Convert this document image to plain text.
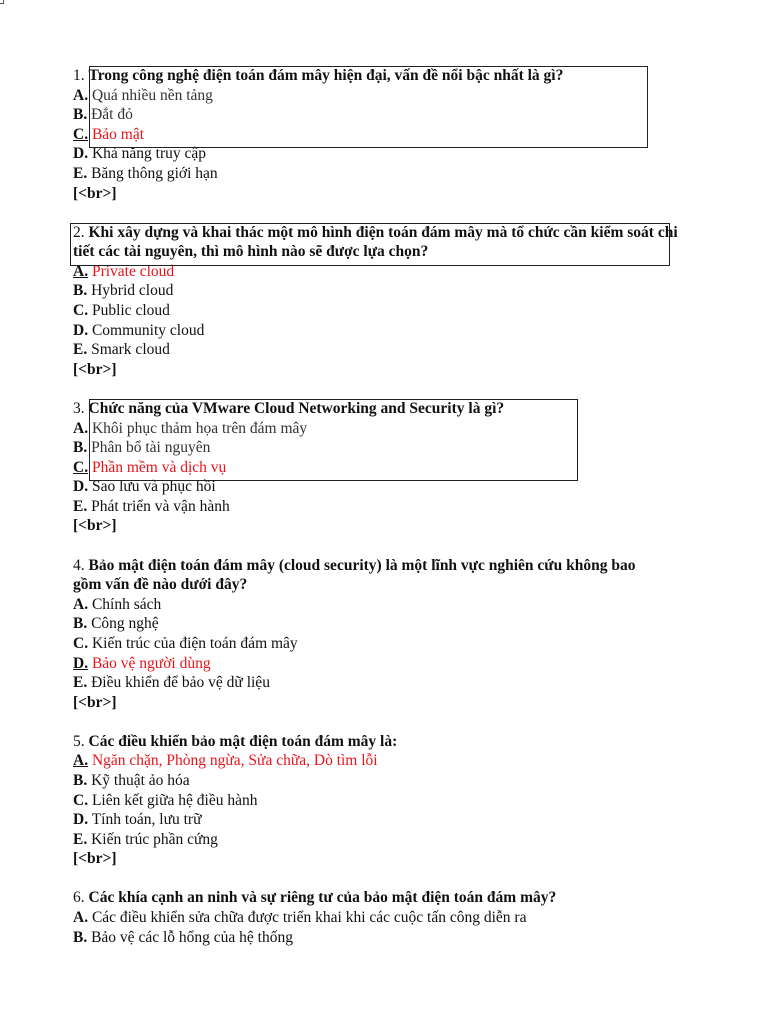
1. Trong công nghệ điện toán đám mây hiện đại, vấn đề nổi bậc nhất là gì?
A. Quá nhiều nền tảng
B. Đắt đỏ
C. Bảo mật
D. Khả năng truy cập
E. Băng thông giới hạn
[<br>]
2. Khi xây dựng và khai thác một mô hình điện toán đám mây mà tổ chức cần kiểm soát chi tiết các tài nguyên, thì mô hình nào sẽ được lựa chọn?
A. Private cloud
B. Hybrid cloud
C. Public cloud
D. Community cloud
E. Smark cloud
[<br>]
3. Chức năng của VMware Cloud Networking and Security là gì?
A. Khôi phục thảm họa trên đám mây
B. Phân bổ tài nguyên
C. Phần mềm và dịch vụ
D. Sao lưu và phục hồi
E. Phát triển và vận hành
[<br>]
4. Bảo mật điện toán đám mây (cloud security) là một lĩnh vực nghiên cứu không bao gồm vấn đề nào dưới đây?
A. Chính sách
B. Công nghệ
C. Kiến trúc của điện toán đám mây
D. Bảo vệ người dùng
E. Điều khiển để bảo vệ dữ liệu
[<br>]
5. Các điều khiển bảo mật điện toán đám mây là:
A. Ngăn chặn, Phòng ngừa, Sửa chữa, Dò tìm lỗi
B. Kỹ thuật ảo hóa
C. Liên kết giữa hệ điều hành
D. Tính toán, lưu trữ
E. Kiến trúc phần cứng
[<br>]
6. Các khía cạnh an ninh và sự riêng tư của bảo mật điện toán đám mây?
A. Các điều khiển sửa chữa được triển khai khi các cuộc tấn công diễn ra
B. Bảo vệ các lỗ hổng của hệ thống
